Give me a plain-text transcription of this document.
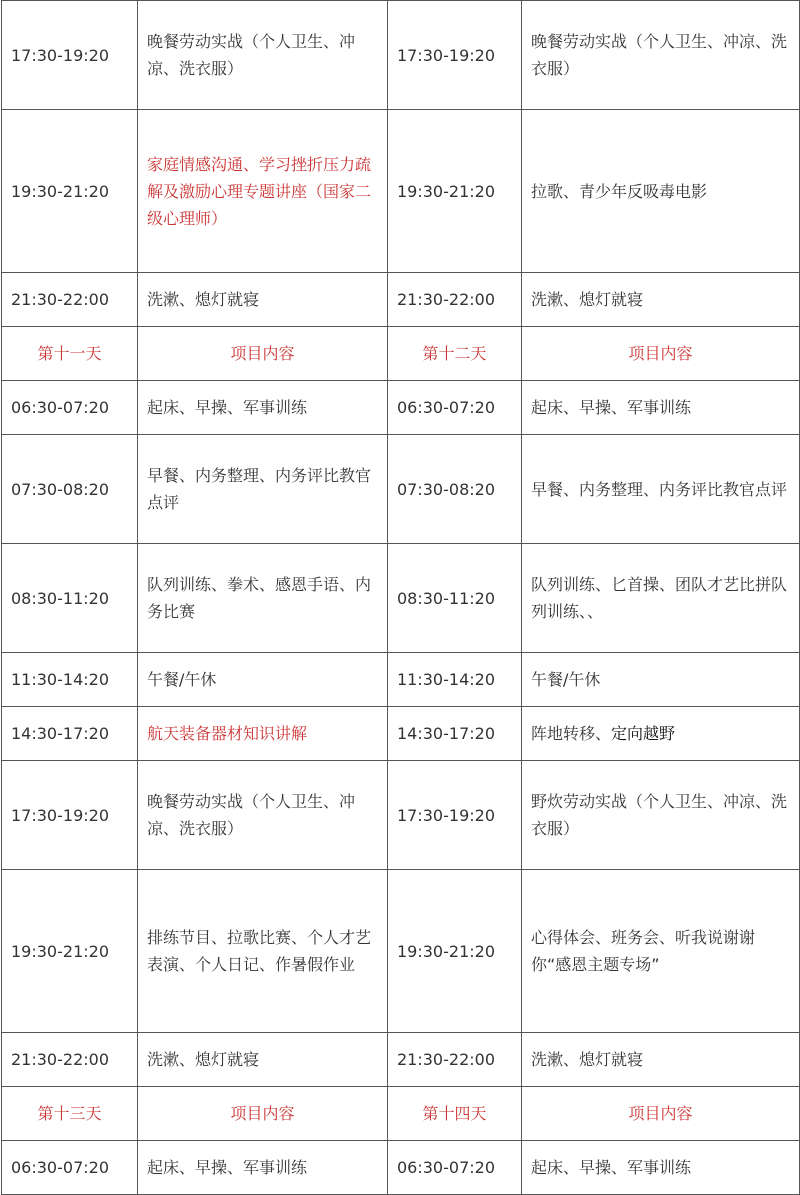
17:30-19:20	晚餐劳动实战（个人卫生、冲凉、洗衣服）	17:30-19:20	晚餐劳动实战（个人卫生、冲凉、洗衣服）
19:30-21:20	家庭情感沟通、学习挫折压力疏解及激励心理专题讲座（国家二级心理师）	19:30-21:20	拉歌、青少年反吸毒电影
21:30-22:00	洗漱、熄灯就寝	21:30-22:00	洗漱、熄灯就寝
第十一天	项目内容	第十二天	项目内容
06:30-07:20	起床、早操、军事训练	06:30-07:20	起床、早操、军事训练
07:30-08:20	早餐、内务整理、内务评比教官点评	07:30-08:20	早餐、内务整理、内务评比教官点评
08:30-11:20	队列训练、拳术、感恩手语、内务比赛	08:30-11:20	队列训练、匕首操、团队才艺比拼队列训练、、
11:30-14:20	午餐/午休	11:30-14:20	午餐/午休
14:30-17:20	航天装备器材知识讲解	14:30-17:20	阵地转移、定向越野
17:30-19:20	晚餐劳动实战（个人卫生、冲凉、洗衣服）	17:30-19:20	野炊劳动实战（个人卫生、冲凉、洗衣服）
19:30-21:20	排练节目、拉歌比赛、个人才艺表演、个人日记、作暑假作业	19:30-21:20	心得体会、班务会、听我说谢谢你“感恩主题专场”
21:30-22:00	洗漱、熄灯就寝	21:30-22:00	洗漱、熄灯就寝
第十三天	项目内容	第十四天	项目内容
06:30-07:20	起床、早操、军事训练	06:30-07:20	起床、早操、军事训练
